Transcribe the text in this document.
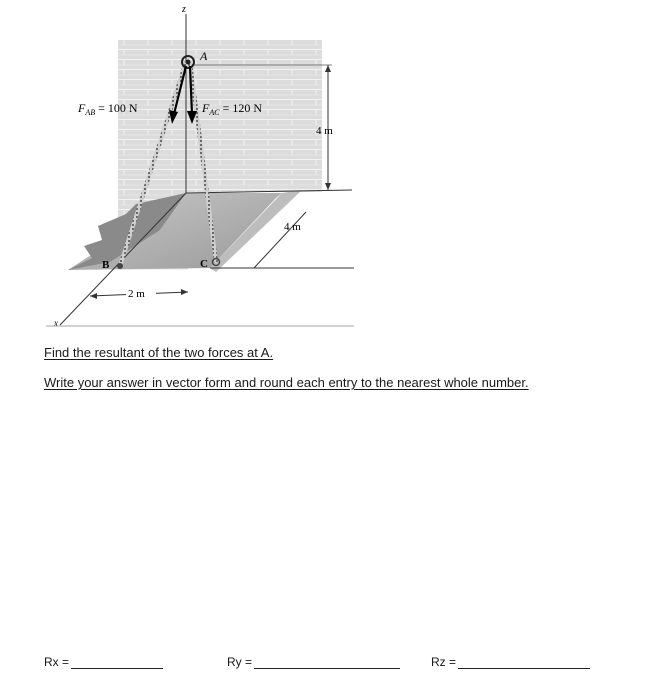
z
x
4 m
4 m
2 m
A
B	C
$F_{AB} = 100$ N	$F_{AC} = 120$ N
Find the resultant of the two forces at A.
Write your answer in vector form and round each entry to the nearest whole number.
Rx =	Ry =	Rz =
